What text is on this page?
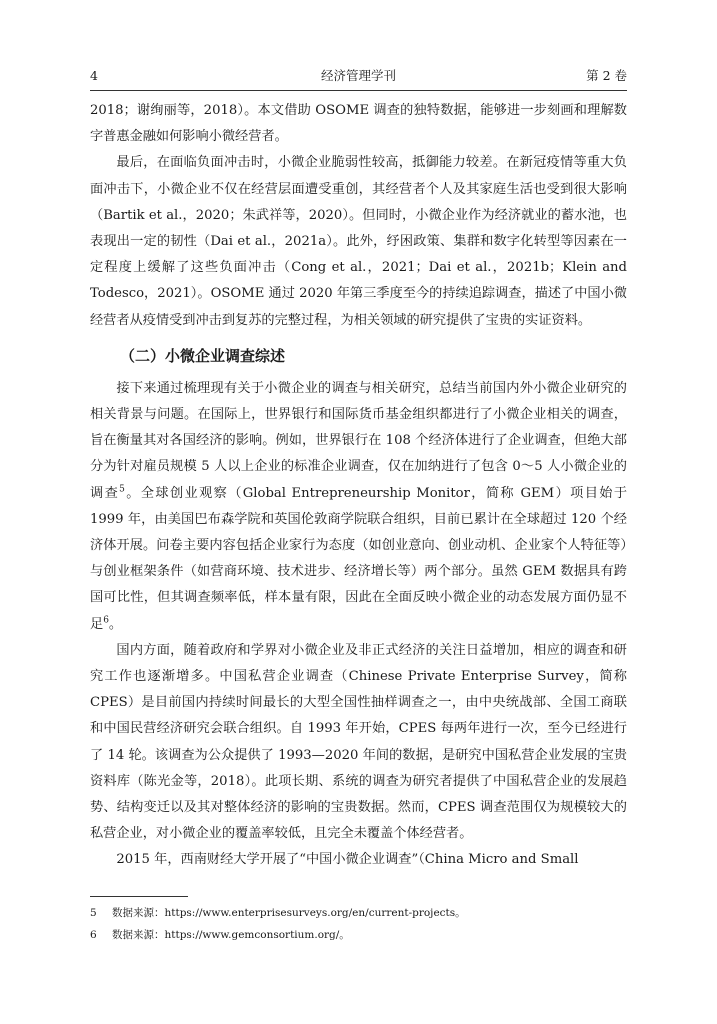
4	经济管理学刊	第 2 卷

2018；谢绚丽等，2018）。本文借助 OSOME 调查的独特数据，能够进一步刻画和理解数字普惠金融如何影响小微经营者。

最后，在面临负面冲击时，小微企业脆弱性较高，抵御能力较差。在新冠疫情等重大负面冲击下，小微企业不仅在经营层面遭受重创，其经营者个人及其家庭生活也受到很大影响（Bartik et al.，2020；朱武祥等，2020）。但同时，小微企业作为经济就业的蓄水池，也表现出一定的韧性（Dai et al.，2021a）。此外，纾困政策、集群和数字化转型等因素在一定程度上缓解了这些负面冲击（Cong et al.，2021；Dai et al.，2021b；Klein and Todesco，2021）。OSOME 通过 2020 年第三季度至今的持续追踪调查，描述了中国小微经营者从疫情受到冲击到复苏的完整过程，为相关领域的研究提供了宝贵的实证资料。

（二）小微企业调查综述

接下来通过梳理现有关于小微企业的调查与相关研究，总结当前国内外小微企业研究的相关背景与问题。在国际上，世界银行和国际货币基金组织都进行了小微企业相关的调查，旨在衡量其对各国经济的影响。例如，世界银行在 108 个经济体进行了企业调查，但绝大部分为针对雇员规模 5 人以上企业的标准企业调查，仅在加纳进行了包含 0～5 人小微企业的调查$^5$。全球创业观察（Global Entrepreneurship Monitor，简称 GEM）项目始于 1999 年，由美国巴布森学院和英国伦敦商学院联合组织，目前已累计在全球超过 120 个经济体开展。问卷主要内容包括企业家行为态度（如创业意向、创业动机、企业家个人特征等）与创业框架条件（如营商环境、技术进步、经济增长等）两个部分。虽然 GEM 数据具有跨国可比性，但其调查频率低，样本量有限，因此在全面反映小微企业的动态发展方面仍显不足$^6$。

国内方面，随着政府和学界对小微企业及非正式经济的关注日益增加，相应的调查和研究工作也逐渐增多。中国私营企业调查（Chinese Private Enterprise Survey，简称 CPES）是目前国内持续时间最长的大型全国性抽样调查之一，由中央统战部、全国工商联和中国民营经济研究会联合组织。自 1993 年开始，CPES 每两年进行一次，至今已经进行了 14 轮。该调查为公众提供了 1993—2020 年间的数据，是研究中国私营企业发展的宝贵资料库（陈光金等，2018）。此项长期、系统的调查为研究者提供了中国私营企业的发展趋势、结构变迁以及其对整体经济的影响的宝贵数据。然而，CPES 调查范围仅为规模较大的私营企业，对小微企业的覆盖率较低，且完全未覆盖个体经营者。

2015 年，西南财经大学开展了“中国小微企业调查”（China Micro and Small

5 数据来源：https://www.enterprisesurveys.org/en/current-projects。
6 数据来源：https://www.gemconsortium.org/。
